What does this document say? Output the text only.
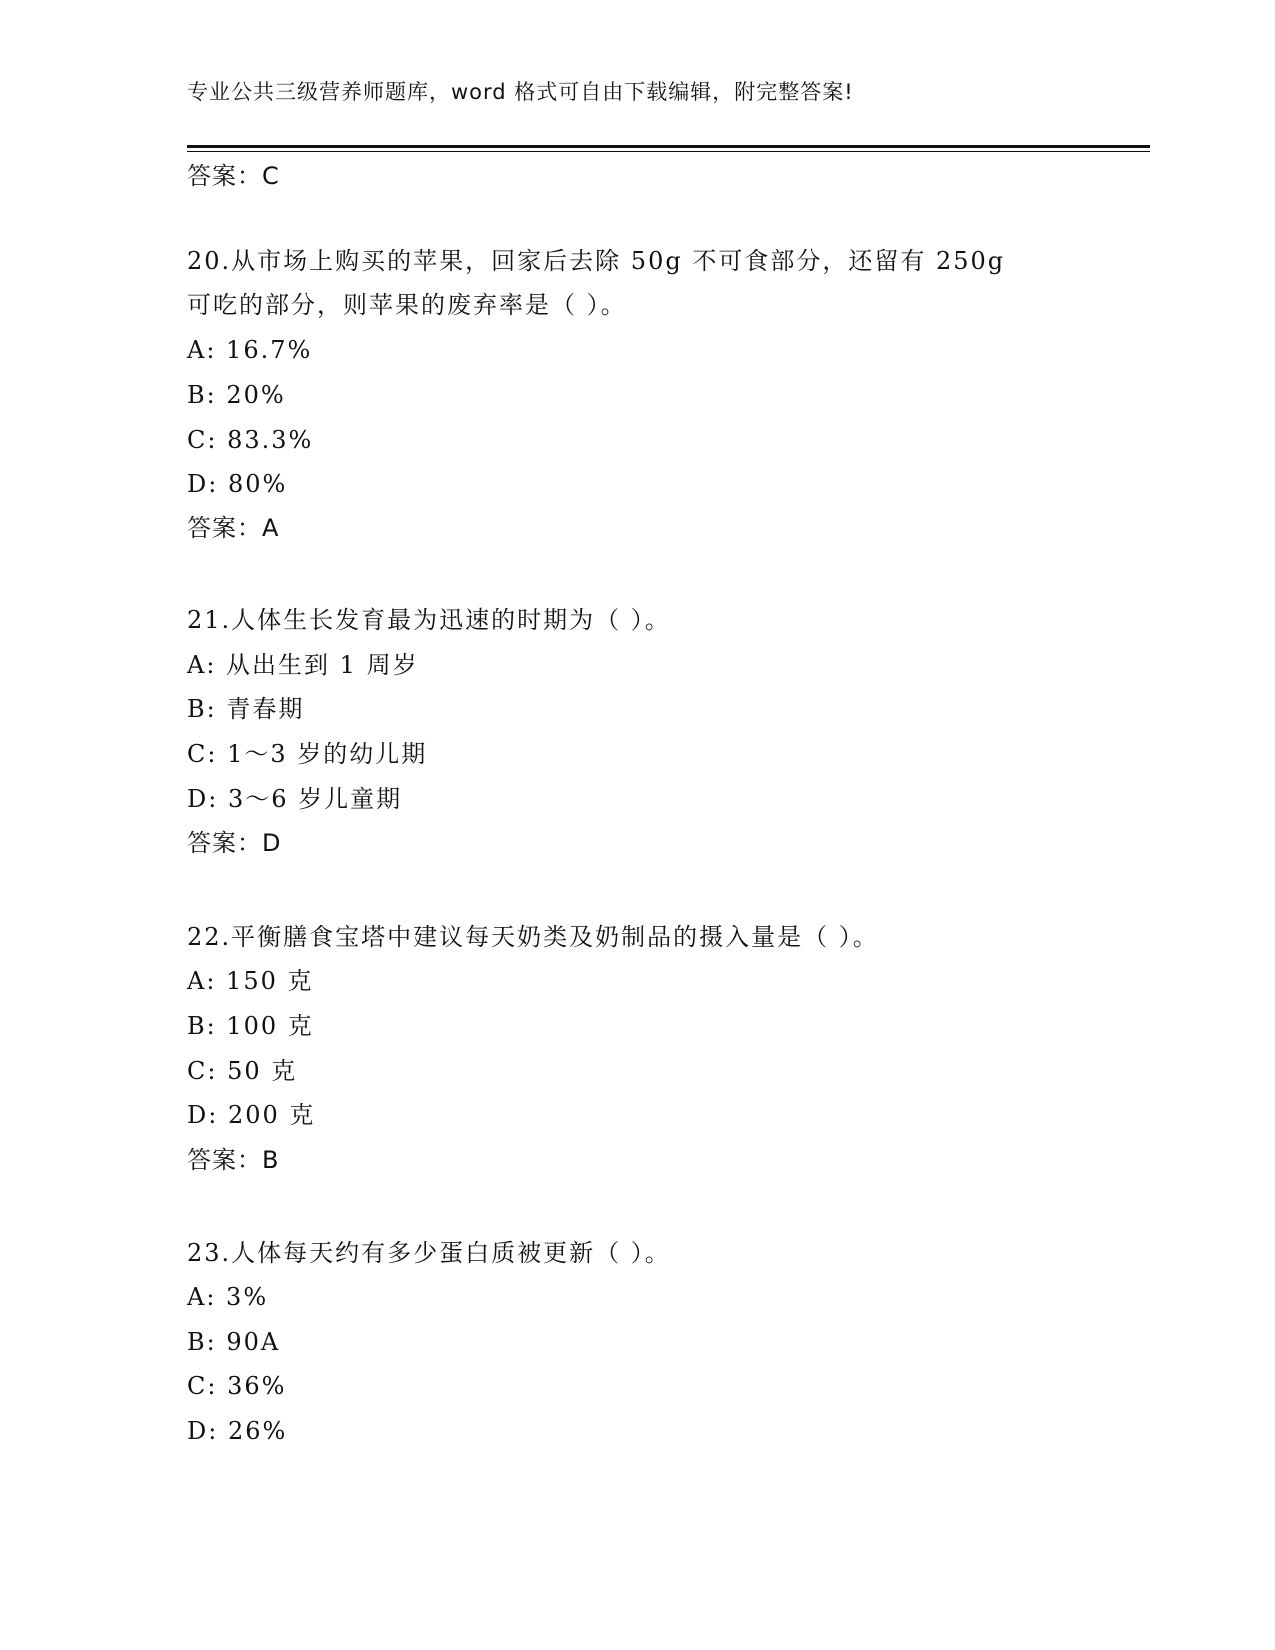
专业公共三级营养师题库，word 格式可自由下载编辑，附完整答案!
答案：C
20.从市场上购买的苹果，回家后去除 50g 不可食部分，还留有 250g
可吃的部分，则苹果的废弃率是（ ）。
A: 16.7%
B: 20%
C: 83.3%
D: 80%
答案：A
21.人体生长发育最为迅速的时期为（ ）。
A: 从出生到 1 周岁
B: 青春期
C: 1～3 岁的幼儿期
D: 3～6 岁儿童期
答案：D
22.平衡膳食宝塔中建议每天奶类及奶制品的摄入量是（ ）。
A: 150 克
B: 100 克
C: 50 克
D: 200 克
答案：B
23.人体每天约有多少蛋白质被更新（ ）。
A: 3%
B: 90A
C: 36%
D: 26%
